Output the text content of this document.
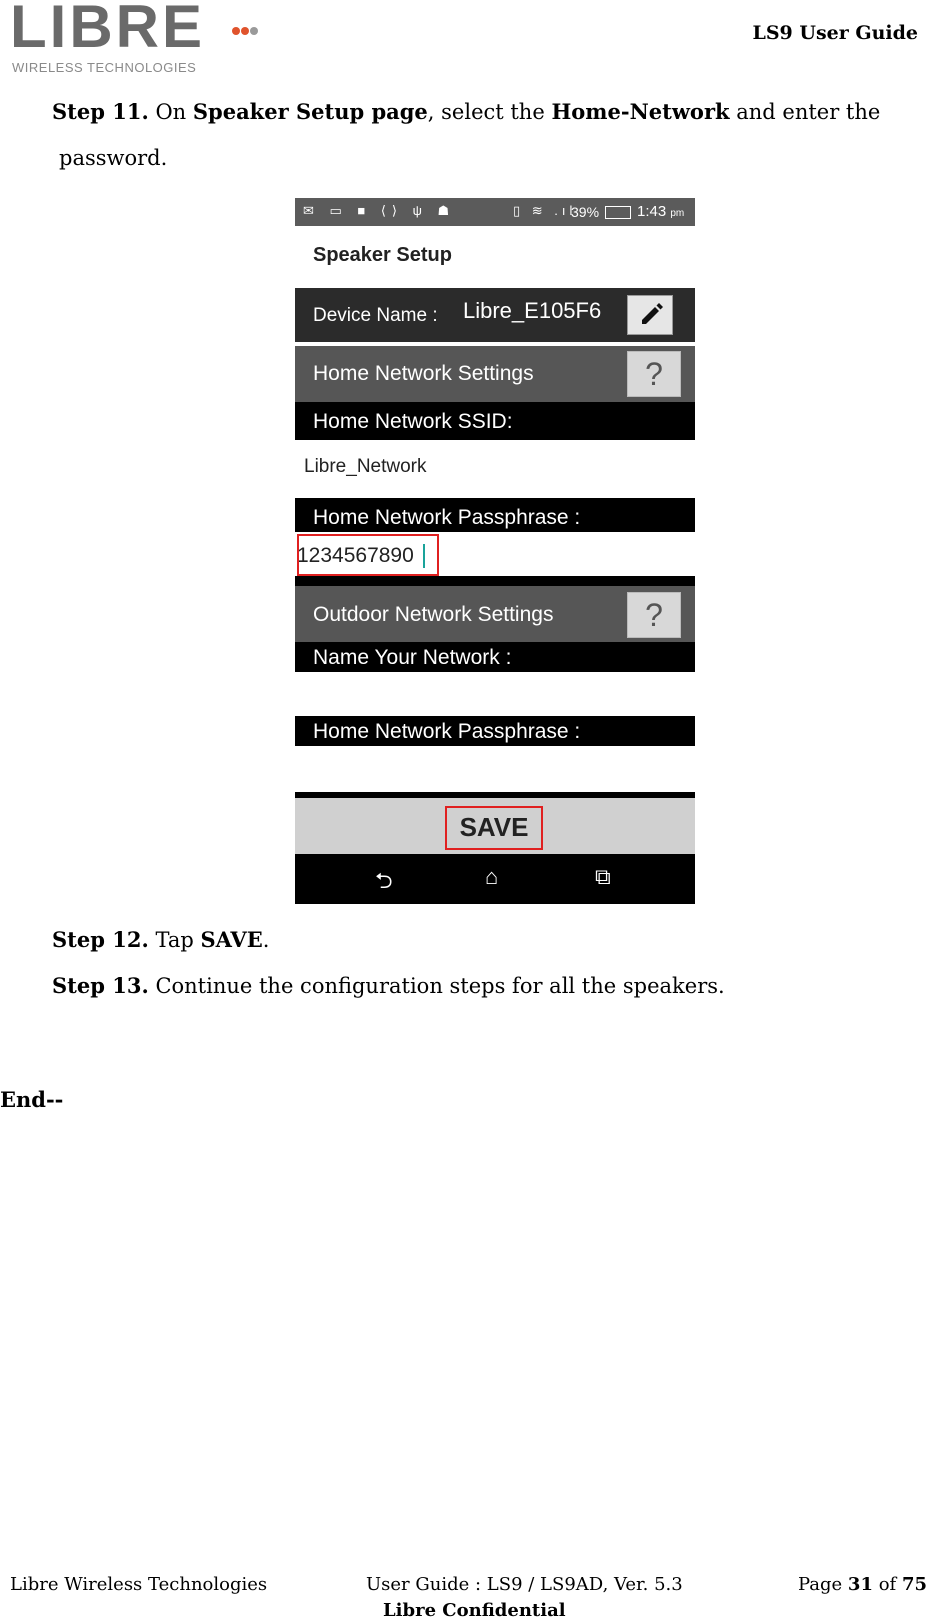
LIBRE
WIRELESS TECHNOLOGIES
LS9 User Guide
Step 11. On Speaker Setup page, select the Home-Network and enter the
password.
✉ ▭ ■ ⟨⟩ ψ ☗	▯ ≋ .ıl
39%	1:43 pm
Speaker Setup
Device Name : Libre_E105F6
Home Network Settings	?
Home Network SSID:
Libre_Network
Home Network Passphrase :
1234567890
Outdoor Network Settings	?
Name Your Network :
Home Network Passphrase :
SAVE
⮌	⌂	⧉
Step 12. Tap SAVE.
Step 13. Continue the configuration steps for all the speakers.
End--
Libre Wireless Technologies	User Guide : LS9 / LS9AD, Ver. 5.3	Page 31 of 75
Libre Confidential
